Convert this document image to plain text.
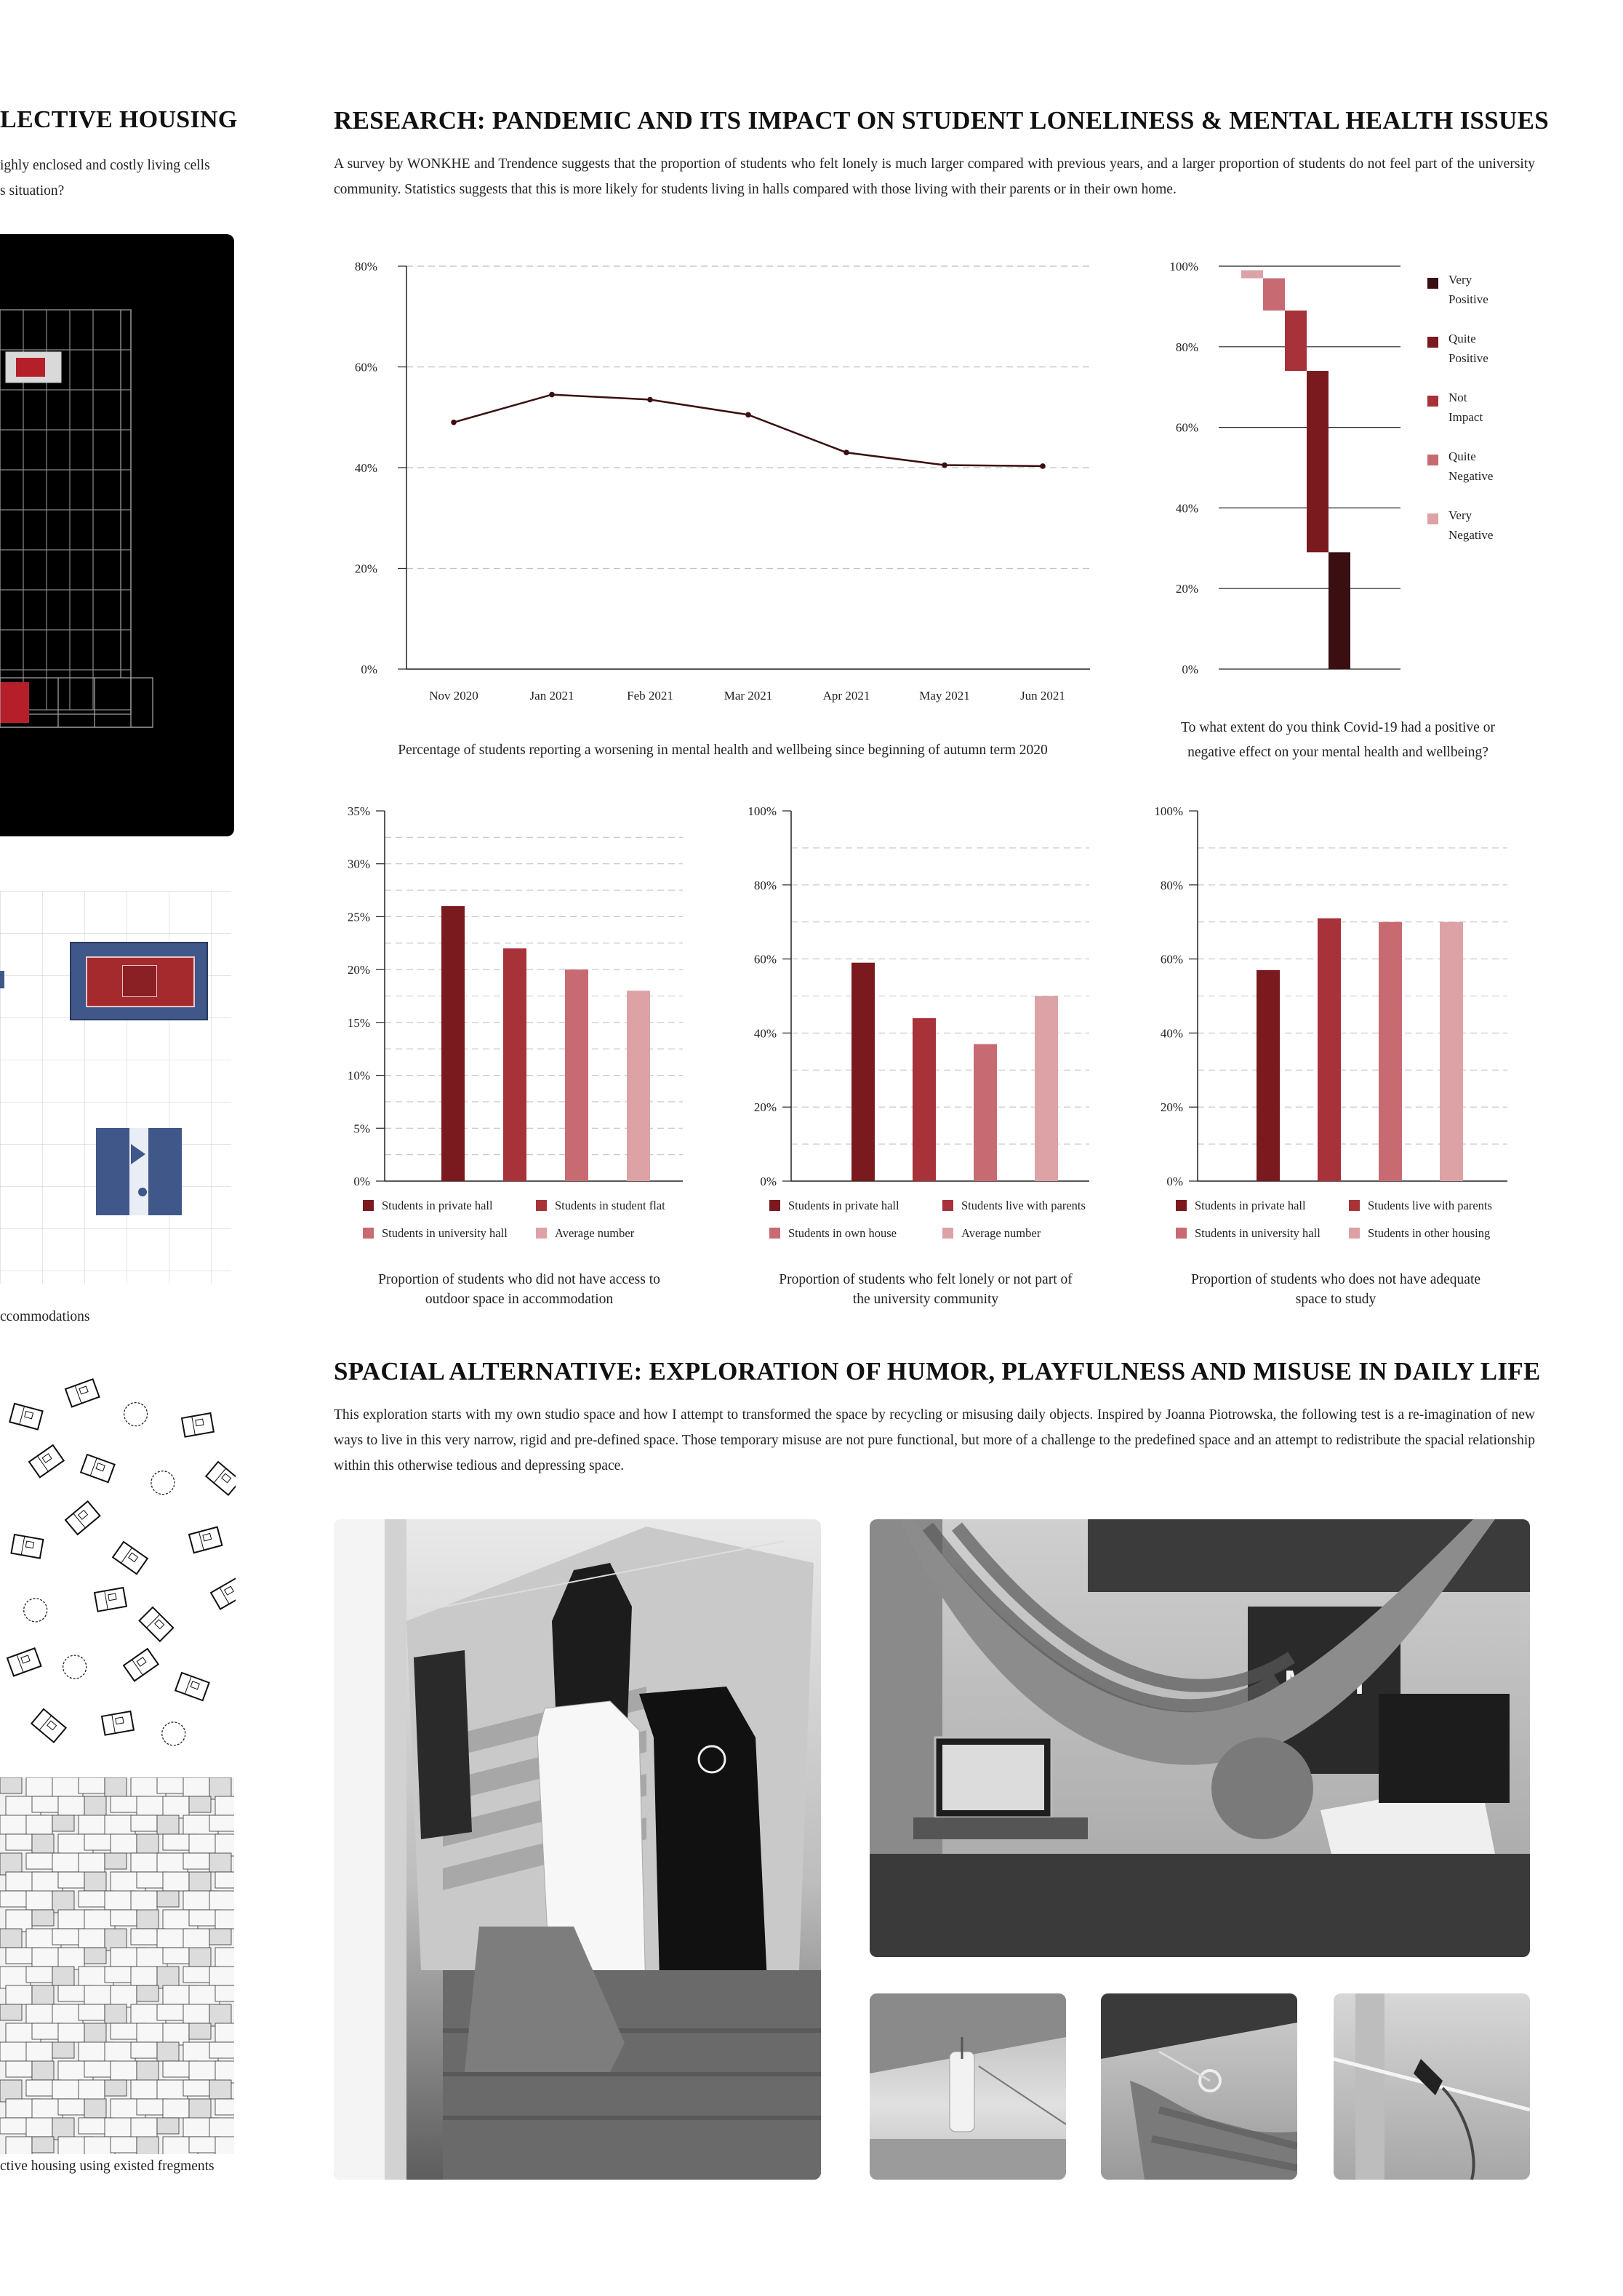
LECTIVE HOUSING
ighly enclosed and costly living cells
s situation?
ccommodations
ctive housing using existed fregments
RESEARCH: PANDEMIC AND ITS IMPACT ON STUDENT LONELINESS & MENTAL HEALTH ISSUES
A survey by WONKHE and Trendence suggests that the proportion of students who felt lonely is much larger compared with previous years, and a larger proportion of students do not feel part of the university community. Statistics suggests that this is more likely for students living in halls compared with those living with their parents or in their own home.
0%
20%
40%
60%
80%
Nov 2020	Jan 2021	Feb 2021	Mar 2021	Apr 2021	May 2021	Jun 2021
Percentage of students reporting a worsening in mental health and wellbeing since beginning of autumn term 2020
0%
20%
40%
60%
80%
100%
Very
Positive
Quite
Positive
Not
Impact
Quite
Negative
Very
Negative
To what extent do you think Covid-19 had a positive or
negative effect on your mental health and wellbeing?
0%
5%
10%
15%
20%
25%
30%
35%
Students in private hall	Students in student flat
Students in university hall	Average number
0%
20%
40%
60%
80%
100%
Students in private hall	Students live with parents
Students in own house	Average number
0%
20%
40%
60%
80%
100%
Students in private hall	Students live with parents
Students in university hall	Students in other housing
Proportion of students who did not have access to
outdoor space in accommodation
Proportion of students who felt lonely or not part of
the university community
Proportion of students who does not have adequate
space to study
SPACIAL ALTERNATIVE: EXPLORATION OF HUMOR, PLAYFULNESS AND MISUSE IN DAILY LIFE
This exploration starts with my own studio space and how I attempt to transformed the space by recycling or misusing daily objects. Inspired by Joanna Piotrowska, the following test is a re-imagination of new ways to live in this very narrow, rigid and pre-defined space. Those temporary misuse are not pure functional, but more of a challenge to the predefined space and an attempt to redistribute the spacial relationship within this otherwise tedious and depressing space.
